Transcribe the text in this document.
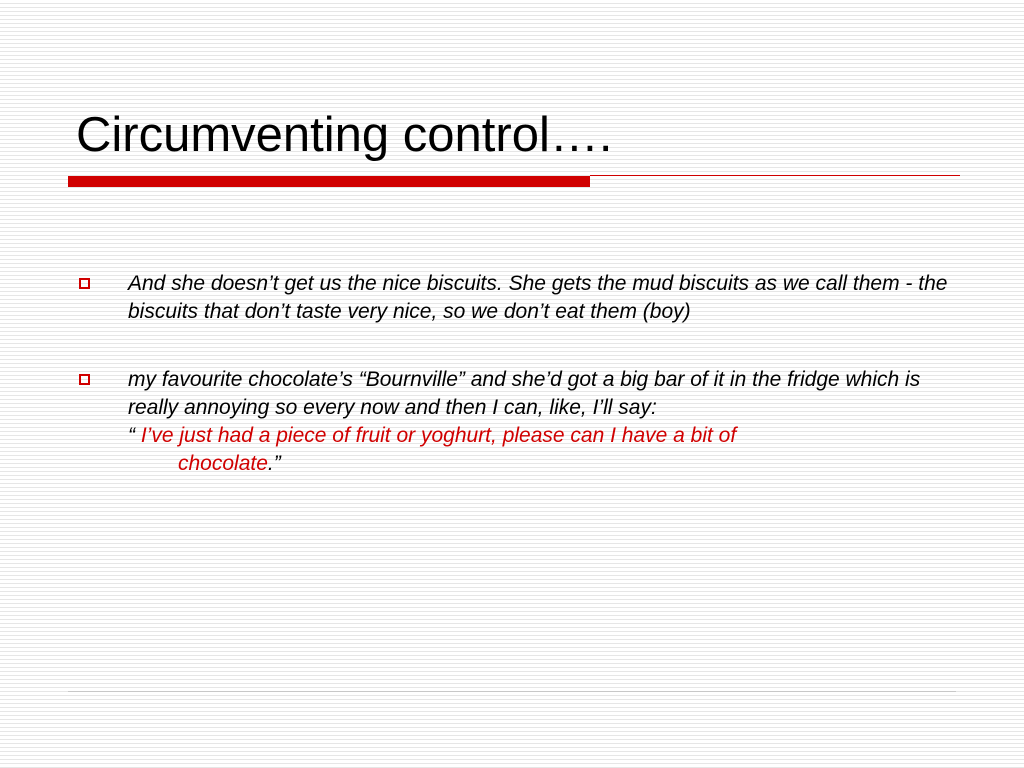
Circumventing control….
And she doesn’t get us the nice biscuits. She gets the mud biscuits as we call them - the biscuits that don’t taste very nice, so we don’t eat them (boy)
my favourite chocolate’s “Bournville” and she’d got a big bar of it in the fridge which is really annoying so every now and then I can, like, I’ll say:
“ I’ve just had a piece of fruit or yoghurt, please can I have a bit of
chocolate.”
